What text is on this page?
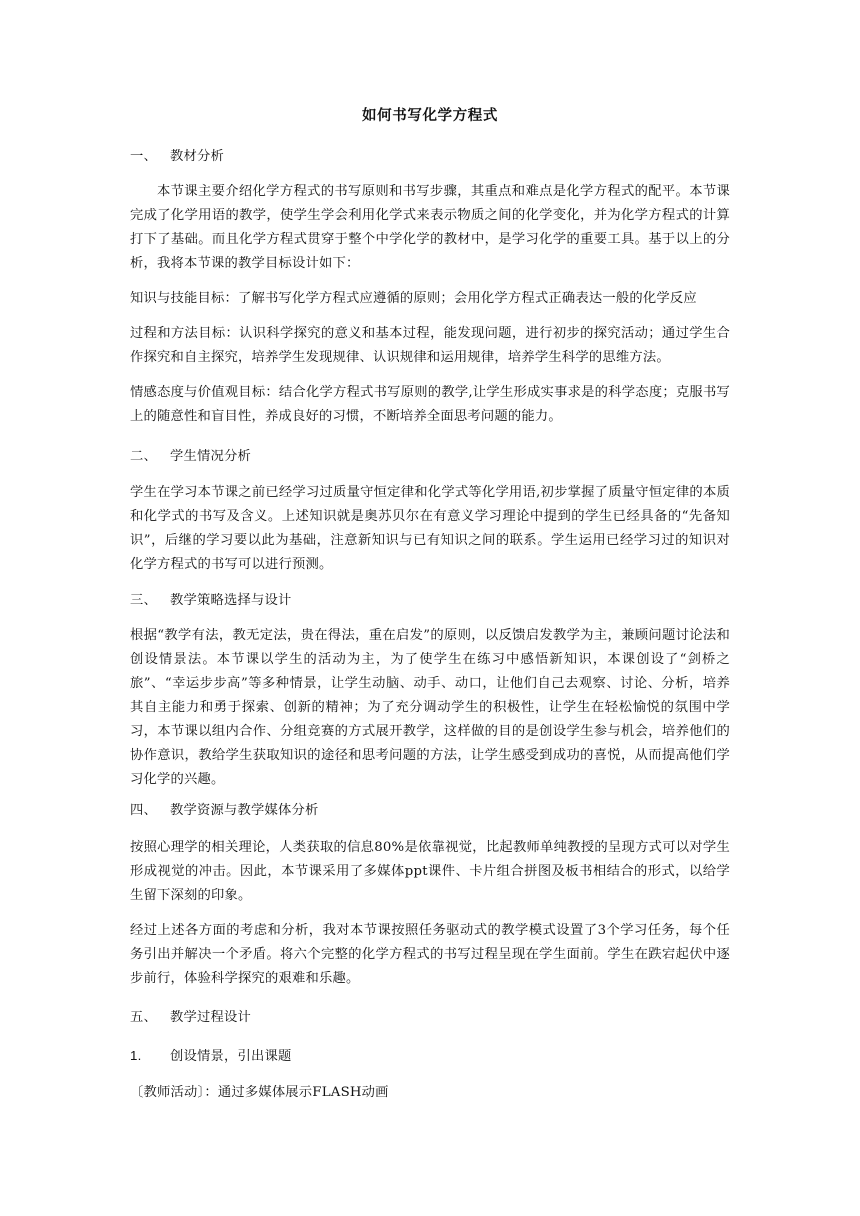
如何书写化学方程式
一、 教材分析
本节课主要介绍化学方程式的书写原则和书写步骤，其重点和难点是化学方程式的配平。本节课完成了化学用语的教学，使学生学会利用化学式来表示物质之间的化学变化，并为化学方程式的计算打下了基础。而且化学方程式贯穿于整个中学化学的教材中，是学习化学的重要工具。基于以上的分析，我将本节课的教学目标设计如下：
知识与技能目标：了解书写化学方程式应遵循的原则；会用化学方程式正确表达一般的化学反应
过程和方法目标：认识科学探究的意义和基本过程，能发现问题，进行初步的探究活动；通过学生合作探究和自主探究，培养学生发现规律、认识规律和运用规律，培养学生科学的思维方法。
情感态度与价值观目标：结合化学方程式书写原则的教学,让学生形成实事求是的科学态度；克服书写上的随意性和盲目性，养成良好的习惯，不断培养全面思考问题的能力。
二、 学生情况分析
学生在学习本节课之前已经学习过质量守恒定律和化学式等化学用语,初步掌握了质量守恒定律的本质和化学式的书写及含义。上述知识就是奥苏贝尔在有意义学习理论中提到的学生已经具备的“先备知识”，后继的学习要以此为基础，注意新知识与已有知识之间的联系。学生运用已经学习过的知识对化学方程式的书写可以进行预测。
三、 教学策略选择与设计
根据“教学有法，教无定法，贵在得法，重在启发”的原则，以反馈启发教学为主，兼顾问题讨论法和创设情景法。本节课以学生的活动为主，为了使学生在练习中感悟新知识，本课创设了“剑桥之旅”、“幸运步步高”等多种情景，让学生动脑、动手、动口，让他们自己去观察、讨论、分析，培养其自主能力和勇于探索、创新的精神；为了充分调动学生的积极性，让学生在轻松愉悦的氛围中学习，本节课以组内合作、分组竞赛的方式展开教学，这样做的目的是创设学生参与机会，培养他们的协作意识，教给学生获取知识的途径和思考问题的方法，让学生感受到成功的喜悦，从而提高他们学习化学的兴趣。
四、 教学资源与教学媒体分析
按照心理学的相关理论，人类获取的信息80%是依靠视觉，比起教师单纯教授的呈现方式可以对学生形成视觉的冲击。因此，本节课采用了多媒体ppt课件、卡片组合拼图及板书相结合的形式，以给学生留下深刻的印象。
经过上述各方面的考虑和分析，我对本节课按照任务驱动式的教学模式设置了3个学习任务，每个任务引出并解决一个矛盾。将六个完整的化学方程式的书写过程呈现在学生面前。学生在跌宕起伏中逐步前行，体验科学探究的艰难和乐趣。
五、 教学过程设计
1. 创设情景，引出课题
〔教师活动〕：通过多媒体展示FLASH动画
